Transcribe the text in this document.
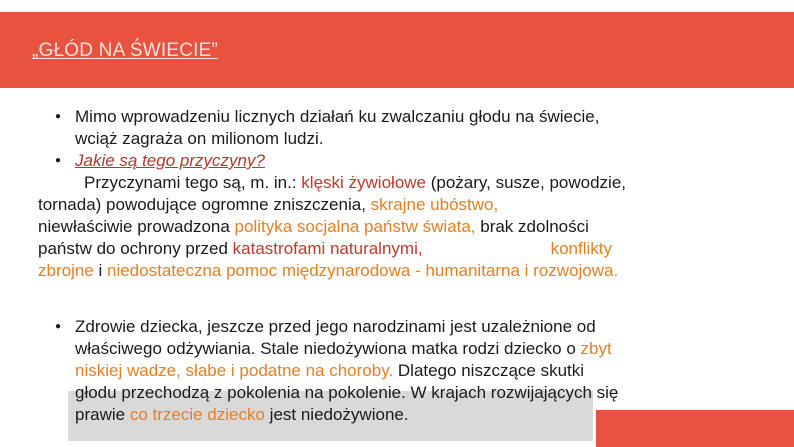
„GŁÓD NA ŚWIECIE”
● Mimo wprowadzeniu licznych działań ku zwalczaniu głodu na świecie,
wciąż zagraża on milionom ludzi.
● Jakie są tego przyczyny?
Przyczynami tego są, m. in.: klęski żywiołowe (pożary, susze, powodzie,
tornada) powodujące ogromne zniszczenia, skrajne ubóstwo,
niewłaściwie prowadzona polityka socjalna państw świata, brak zdolności
państw do ochrony przed katastrofami naturalnymi,	konflikty
zbrojne i niedostateczna pomoc międzynarodowa - humanitarna i rozwojowa.
● Zdrowie dziecka, jeszcze przed jego narodzinami jest uzależnione od
właściwego odżywiania. Stale niedożywiona matka rodzi dziecko o zbyt
niskiej wadze, słabe i podatne na choroby. Dlatego niszczące skutki
głodu przechodzą z pokolenia na pokolenie. W krajach rozwijających się
prawie co trzecie dziecko jest niedożywione.
